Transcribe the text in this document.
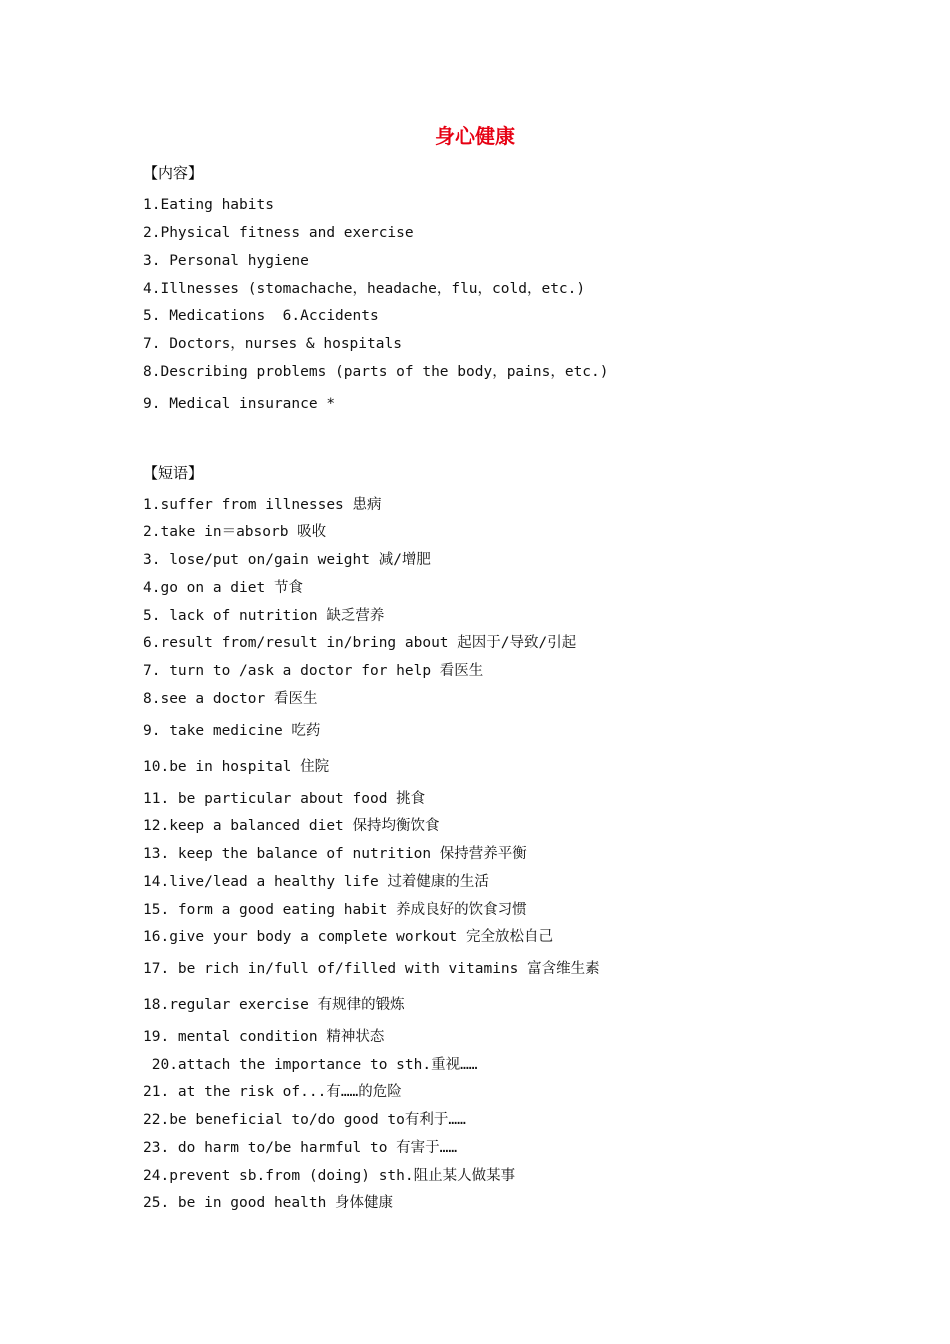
身心健康
【内容】
1.Eating habits
2.Physical fitness and exercise
3. Personal hygiene
4.Illnesses (stomachache，headache，flu，cold，etc.)
5. Medications  6.Accidents
7. Doctors，nurses & hospitals
8.Describing problems (parts of the body，pains，etc.)
9. Medical insurance *
【短语】
1.suffer from illnesses 患病
2.take in＝absorb 吸收
3. lose/put on/gain weight 减/增肥
4.go on a diet 节食
5. lack of nutrition 缺乏营养
6.result from/result in/bring about 起因于/导致/引起
7. turn to /ask a doctor for help 看医生
8.see a doctor 看医生
9. take medicine 吃药
10.be in hospital 住院
11. be particular about food 挑食
12.keep a balanced diet 保持均衡饮食
13. keep the balance of nutrition 保持营养平衡
14.live/lead a healthy life 过着健康的生活
15. form a good eating habit 养成良好的饮食习惯
16.give your body a complete workout 完全放松自己
17. be rich in/full of/filled with vitamins 富含维生素
18.regular exercise 有规律的锻炼
19. mental condition 精神状态
20.attach the importance to sth.重视……
21. at the risk of...有……的危险
22.be beneficial to/do good to有利于……
23. do harm to/be harmful to 有害于……
24.prevent sb.from (doing) sth.阻止某人做某事
25. be in good health 身体健康
